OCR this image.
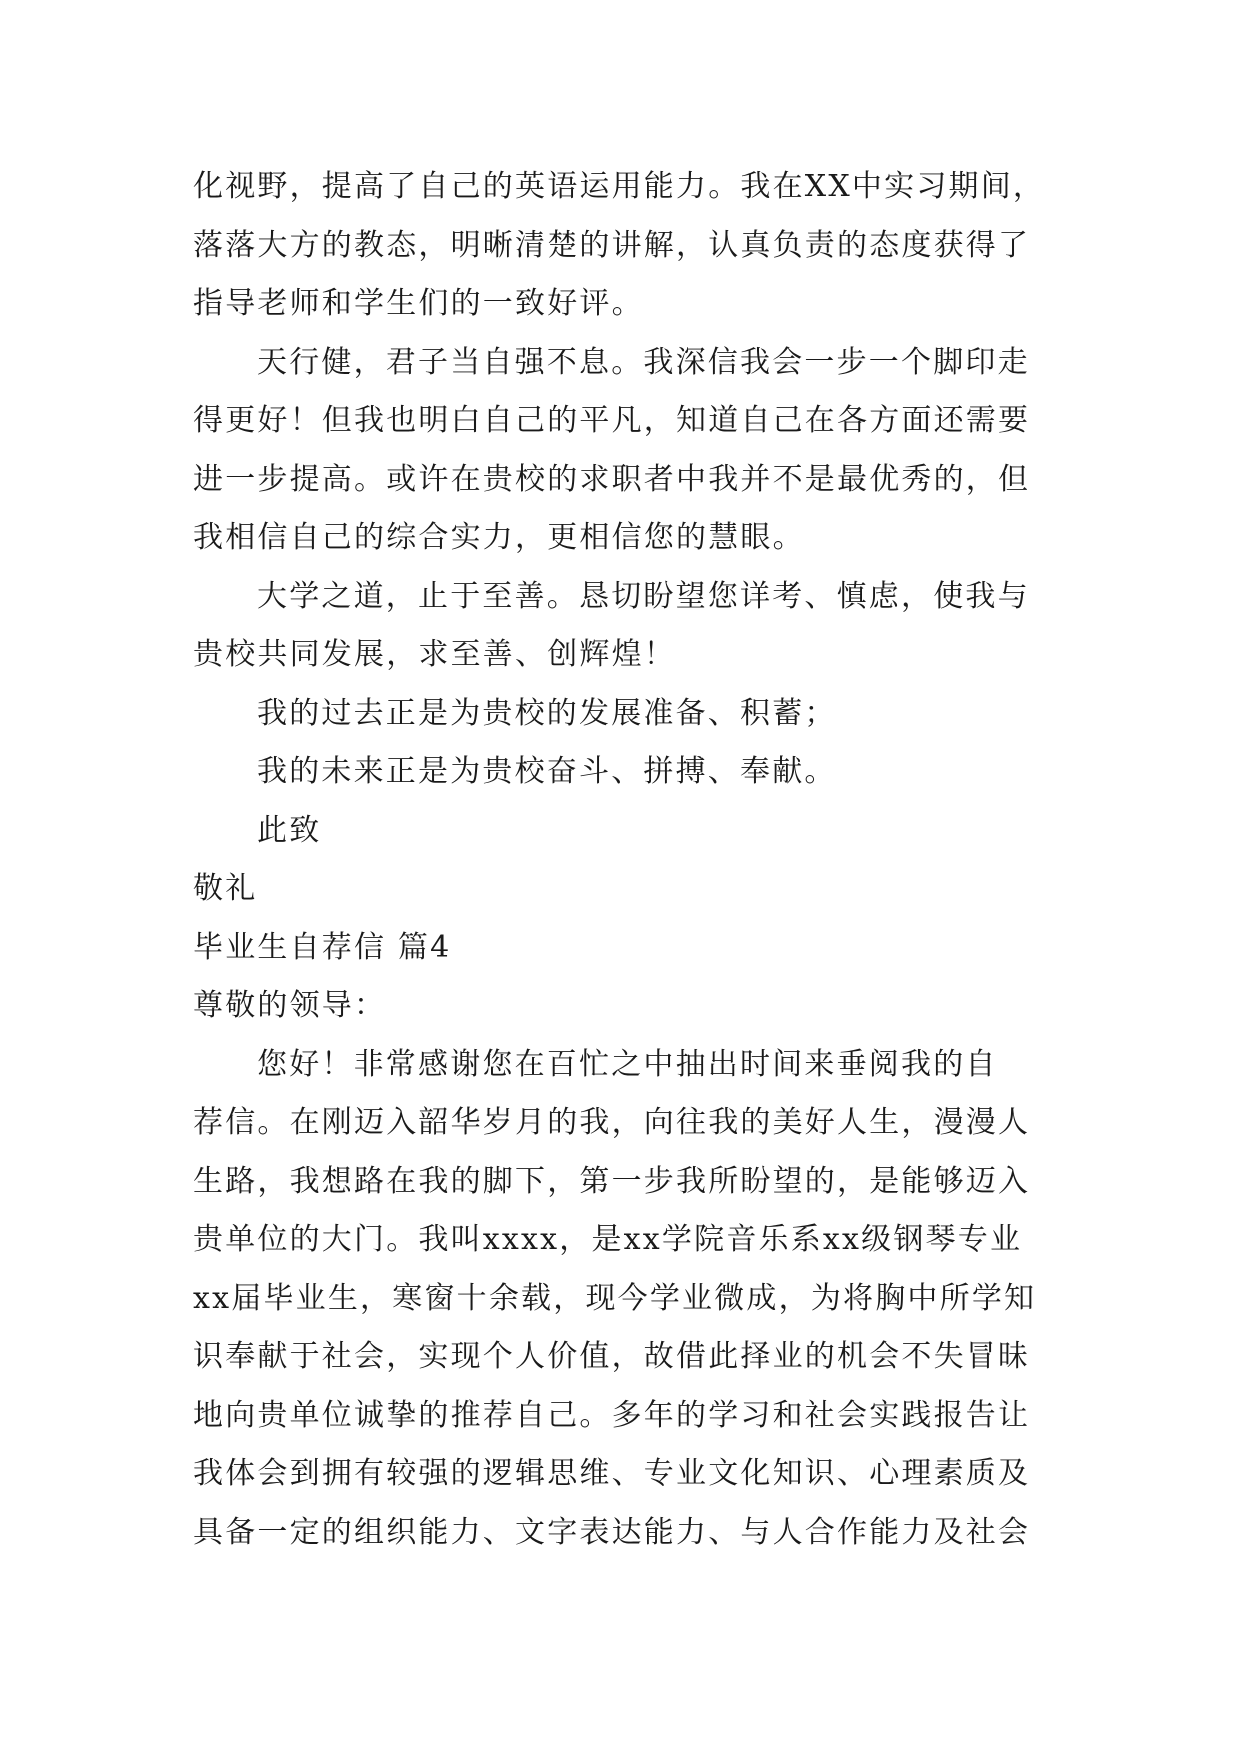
化视野，提高了自己的英语运用能力。我在XX中实习期间，
落落大方的教态，明晰清楚的讲解，认真负责的态度获得了
指导老师和学生们的一致好评。
天行健，君子当自强不息。我深信我会一步一个脚印走
得更好！但我也明白自己的平凡，知道自己在各方面还需要
进一步提高。或许在贵校的求职者中我并不是最优秀的，但
我相信自己的综合实力，更相信您的慧眼。
大学之道，止于至善。恳切盼望您详考、慎虑，使我与
贵校共同发展，求至善、创辉煌！
我的过去正是为贵校的发展准备、积蓄；
我的未来正是为贵校奋斗、拼搏、奉献。
此致
敬礼
毕业生自荐信 篇4
尊敬的领导：
您好！非常感谢您在百忙之中抽出时间来垂阅我的自
荐信。在刚迈入韶华岁月的我，向往我的美好人生，漫漫人
生路，我想路在我的脚下，第一步我所盼望的，是能够迈入
贵单位的大门。我叫xxxx，是xx学院音乐系xx级钢琴专业
xx届毕业生，寒窗十余载，现今学业微成，为将胸中所学知
识奉献于社会，实现个人价值，故借此择业的机会不失冒昧
地向贵单位诚挚的推荐自己。多年的学习和社会实践报告让
我体会到拥有较强的逻辑思维、专业文化知识、心理素质及
具备一定的组织能力、文字表达能力、与人合作能力及社会
